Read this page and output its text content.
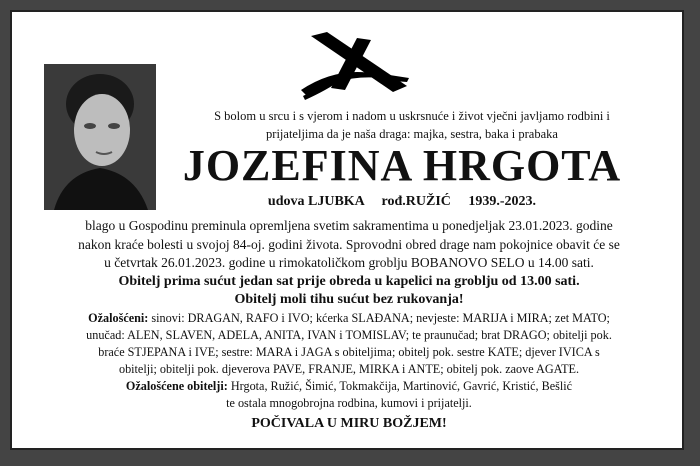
S bolom u srcu i s vjerom i nadom u uskrsnuće i život vječni javljamo rodbini i
prijateljima da je naša draga: majka, sestra, baka i prabaka
JOZEFINA HRGOTA
udova LJUBKA rođ.RUŽIĆ 1939.-2023.
blago u Gospodinu preminula opremljena svetim sakramentima u ponedjeljak 23.01.2023. godine
nakon kraće bolesti u svojoj 84-oj. godini života. Sprovodni obred drage nam pokojnice obavit će se
u četvrtak 26.01.2023. godine u rimokatoličkom groblju BOBANOVO SELO u 14.00 sati.
Obitelj prima sućut jedan sat prije obreda u kapelici na groblju od 13.00 sati.
Obitelj moli tihu sućut bez rukovanja!
Ožalošćeni: sinovi: DRAGAN, RAFO i IVO; kćerka SLAĐANA; nevjeste: MARIJA i MIRA; zet MATO;
unučad: ALEN, SLAVEN, ADELA, ANITA, IVAN i TOMISLAV; te praunučad; brat DRAGO; obitelji pok.
braće STJEPANA i IVE; sestre: MARA i JAGA s obiteljima; obitelj pok. sestre KATE; djever IVICA s
obitelji; obitelji pok. djeverova PAVE, FRANJE, MIRKA i ANTE; obitelj pok. zaove AGATE.
Ožalošćene obitelji: Hrgota, Ružić, Šimić, Tokmakčija, Martinović, Gavrić, Kristić, Bešlić
te ostala mnogobrojna rodbina, kumovi i prijatelji.
POČIVALA U MIRU BOŽJEM!
